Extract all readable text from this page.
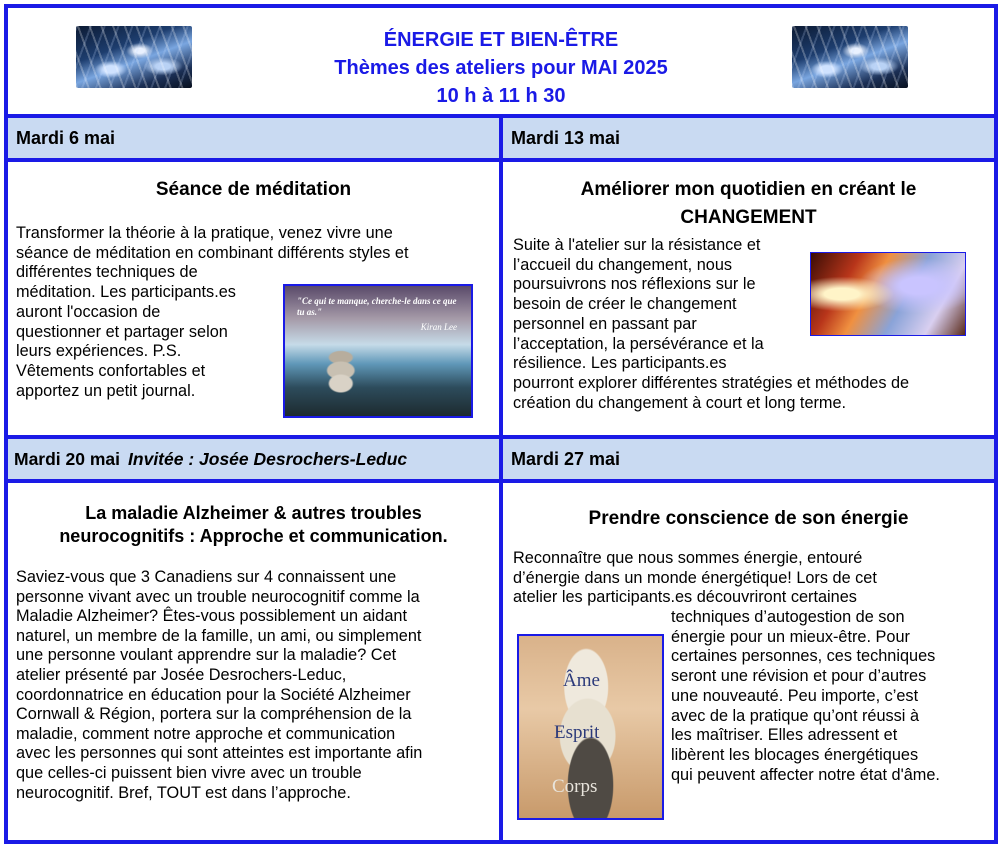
ÉNERGIE ET BIEN-ÊTRE
Thèmes des ateliers pour MAI 2025
10 h à 11 h 30
Mardi 6 mai	Mardi 13 mai
Séance de méditation
Transformer la théorie à la pratique, venez vivre une
séance de méditation en combinant différents styles et
différentes techniques de
méditation. Les participants.es
auront l'occasion de
questionner et partager selon
leurs expériences. P.S.
Vêtements confortables et
apportez un petit journal.
"Ce qui te manque, cherche-le dans ce que tu as."
Kiran Lee
Améliorer mon quotidien en créant le
CHANGEMENT
Suite à l'atelier sur la résistance et
l’accueil du changement, nous
poursuivrons nos réflexions sur le
besoin de créer le changement
personnel en passant par
l’acceptation, la persévérance et la
résilience. Les participants.es
pourront explorer différentes stratégies et méthodes de
création du changement à court et long terme.
Mardi 20 mai Invitée : Josée Desrochers-Leduc	Mardi 27 mai
La maladie Alzheimer & autres troubles
neurocognitifs : Approche et communication.
Saviez-vous que 3 Canadiens sur 4 connaissent une
personne vivant avec un trouble neurocognitif comme la
Maladie Alzheimer? Êtes-vous possiblement un aidant
naturel, un membre de la famille, un ami, ou simplement
une personne voulant apprendre sur la maladie? Cet
atelier présenté par Josée Desrochers-Leduc,
coordonnatrice en éducation pour la Société Alzheimer
Cornwall & Région, portera sur la compréhension de la
maladie, comment notre approche et communication
avec les personnes qui sont atteintes est importante afin
que celles-ci puissent bien vivre avec un trouble
neurocognitif. Bref, TOUT est dans l’approche.
Prendre conscience de son énergie
Reconnaître que nous sommes énergie, entouré
d’énergie dans un monde énergétique! Lors de cet
atelier les participants.es découvriront certaines
techniques d’autogestion de son
énergie pour un mieux-être. Pour
certaines personnes, ces techniques
seront une révision et pour d’autres
une nouveauté. Peu importe, c’est
avec de la pratique qu’ont réussi à
les maîtriser. Elles adressent et
libèrent les blocages énergétiques
qui peuvent affecter notre état d'âme.
Âme
Esprit
Corps
